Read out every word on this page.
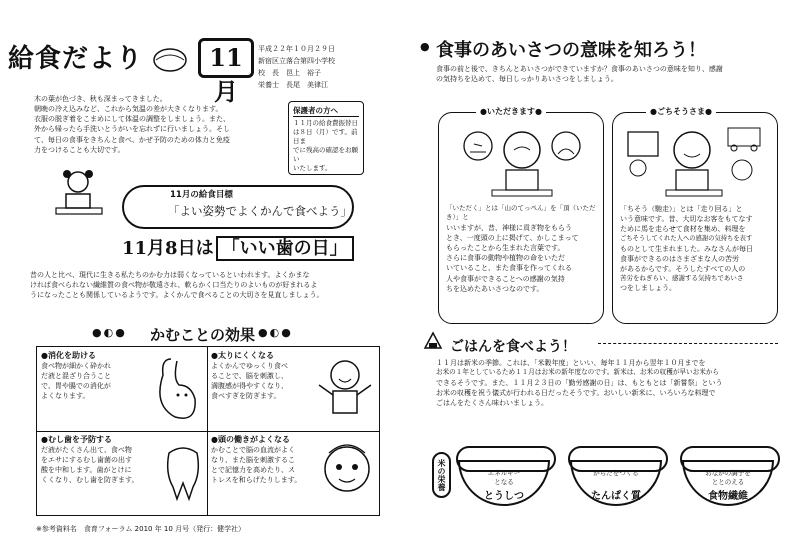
給食だより	11月
平成２２年１０月２９日
新宿区立落合第四小学校
校　長　 邑上　裕子
栄養士　 長尾　美律江
木の葉が色づき、秋も深まってきました。
朝晩の冷え込みなど、これから気温の差が大きくなります。
衣服の脱ぎ着をこまめにして体温の調整をしましょう。また、
外から帰ったら手洗いとうがいを忘れずに行いましょう。そし
て、毎日の食事をきちんと食べ、かぜ予防のための体力と免疫
力をつけることも大切です。
保護者の方へ
１１月の給食費振替日
は８日（月）です。前日ま
でに残高の確認をお願い
いたします。
11月の給食目標
「よい姿勢でよくかんで食べよう」
11月8日は 「いい歯の日」
昔の人と比べ、現代に生きる私たちのかむ力は弱くなっているといわれます。よくかまな
ければ食べられない繊維質の食べ物が敬遠され、軟らかく口当たりのよいものが好まれるよ
うになったことも関係しているようです。よくかんで食べることの大切さを見直しましょう。
●◐● かむことの効果 ●◐●
●消化を助ける
食べ物が細かく砕かれ
だ液と混ざり合うこと
で、胃や腸での消化が
よくなります。
●太りにくくなる
よくかんでゆっくり食べ
ることで、脳を刺激し、
満腹感が得やすくなり、
食べすぎを防ぎます。
●むし歯を予防する
だ液がたくさん出て、食べ物
をエサにするむし歯菌の出す
酸を中和します。歯がとけに
くくなり、むし歯を防ぎます。
●頭の働きがよくなる
かむことで脳の血流がよく
なり、また脳を刺激するこ
とで記憶力を高めたり、ス
トレスを和らげたりします。
※参考資料名　食育フォーラム 2010 年 10 月号（発行：健学社）
食事のあいさつの意味を知ろう！
●
食事の前と後で、きちんとあいさつができていますか？食事のあいさつの意味を知り、感謝
の気持ちを込めて、毎日しっかりあいさつをしましょう。
●いただきます●
「いただく」とは「山のてっぺん」を「頂（いただき）」と
いいますが、昔、神様に貢ぎ物をもらう
とき、一度頭の上に掲げて、かしこまって
もらったことから生まれた言葉です。
さらに食事の動物や植物の命をいただ
いていること、また食事を作ってくれる
人や食事ができることへの感謝の気持
ちを込めたあいさつなのです。
●ごちそうさま●
「ちそう（馳走）」とは「走り回る」と
いう意味です。昔、大切なお客をもてなす
ために馬を走らせて食材を集め、料理を
ごちそうしてくれた人への感謝の気持ちを表す
ものとして生まれました。みなさんが毎日
食事ができるのはさまざまな人の苦労
があるからです。そうしたすべての人の
苦労をねぎらい、感謝する気持ちであいさ
つをしましょう。
ごはんを食べよう！
１１月は新米の季節。これは、「米穀年度」といい、毎年１１月から翌年１０月までを
お米の１年としているため１１月はお米の新年度なのです。新米は、お米の収穫が早いお米から
できるそうです。また、１１月２３日の「勤労感謝の日」は、もともとは「新嘗祭」という
お米の収穫を祝う儀式が行われる日だったそうです。おいしい新米に、いろいろな料理で
ごはんをたくさん味わいましょう。
米の栄養	エネルギー
となる
とうしつ
からだをつくる

たんぱく質
おなかの調子を
ととのえる
食物繊維
